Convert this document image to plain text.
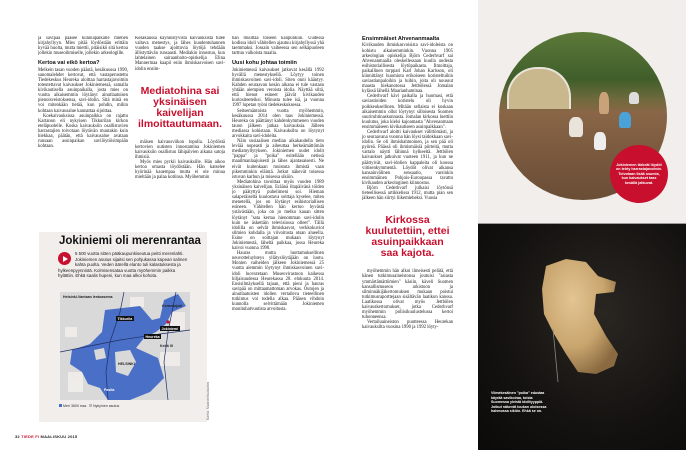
ja savipää pääsee kunniapaikalle miehen kirjahyllyyn. Mies pitää löydöstään erittäin hyvää huolta, mutta miettii, pitäisikö sitä kertoa jollekin museoihmiselle, jollekin arkeologille.

Kertoa vai eikö kertoa?

Melkein tasan vuoden päästä, kesäkuussa 1990, sanomalehdet kertovat, että vastaperustettu Tiedekeskus Heureka aloittaa harrastajavoimin toteutettavat kaivaukset Jokiniemessä, samalla kivikautisella asuinpaikalla, josta mies on vuotta aikaisemmin löytänyt ainutlaatuisen pienoisveistoksensa, savi-idolin. Sitä minä en voi mitenkään tietää, kun pohdin, mihin kohtaan kaivausalue kannattaa sijoittaa.

Koekaivauksissa asuinpaikka on rajattu Kartanon eli nykyisen Tikkurilan kirkon eteläpuolelle. Koska kaivauksiin osallistuvien harrastajien toivotaan löytävän muutakin kuin hiekkaa, päätän, että kaivausalue avataan runsaan asuinpaikan savilöytöisimpään kohtaan.

Kesäkaussa käynnistyvistä kaivauksista tulee valtava menestys, ja lähes kuudentuhannen vuoden taakse ajoittuvia löytöjä tehdään ällistyttävän runsaasti. Mediakin innostuu, kun lahtelainen sairaanhoito-opiskelija Elina Mannermaa kaapii esiin ihmiskasvoisen savi-idolin ensim-

Mediatohina sai yksinäisen kaivelijan ilmoittautumaan.

mäisen kaivausviikon lopulla. Löydöstä kertovien uutisten innostamina Jokiniemen kaivauksiin osallistuu lähipäivien aikana satoja ihmisiä.

Myös mies pyrkii kaivauksille. Hän aikoo kertoa omasta löydöstään. Hän katselee hyörinää kauempaa mutta ei ole minua mieltään ja palaa kotiinsa. Myöhemmin

hän muuttaa toiseen kaupunkiin. Uudessa kodissa idoli vähitellen ajautuu kirjahyllyssä yhä taemmaksi. Jossain vaiheessa sen selkäpuoleen tarttuu valkoista maalia.

Uusi kohu johtaa toimiin

Jokiniemessä kaivaukset jatkuvat kesällä 1992 hyvällä menestyksellä. Löytyy toinen ihmiskasvoinen savi-idoli. Siten onni kääntyy. Kahden seuraavan kesän aikana ei tule vastaan yhtään aiempien veroista idolia. Näyttää siltä, että hienot esineet jäävät kivikauden kuriositeeteiksi. Minusta tulee isä, ja vuonna 1997 lopetan työni tiedekeskuksessa.

Seitsemäntoista vuotta myöhemmin, kesäkuussa 2014 olen taas Jokiniemessä. Heureka on päättänyt kahdenkymmenen vuoden tauon jälkeen jatkaa kaivauksia. Jälleen mediassa kohistaan. Kaivauksilta on löytynyt arvokkaita savi-idoleita.

Näin sosiaalisen median aikakaudella tieto leviää nopeasti ja aiheuttaa herkeämättömän mediamyllytyksen. Jokiniemen uudet idolit "pappa" ja "poika" esitellään netissä maailmanlaajuisesti ja lähes ajantasaisesti. Ne eivät kuitenkaan muistuta ihmistä vaan pikemminkin eläintä. Jotkut näkevät toisessa istuvan karhun ja toisessa sikiön.

Mediatohina tavoittaa myös vuoden 1989 yksinäisen kaivelijan. Eräänä iltapäivänä töiden jo päätyttyä puhelimeni soi. Hieman salaperäiseltä kuulostava soittaja kyselee, miten menetellä, jos on löytänyt esihistoriallisen esineen. Vähitellen hän kertoo hyvästä ystävästään, joka on jo melko kauan sitten löytänyt "sata kertaa hienomman savi-idolin kuin ne äskettäin televisiossa olleet". Tällä idolilla on selvät ihmiskasvot, verkkokuviot silmien kohdalla ja viivoitusta otsan alueella. Esine on soittajan mukaan löytynyt Jokiniemestä, läheltä paikkaa, jossa Heureka kaivoi vuonna 1990.

Hauras mutta luottamuksellinen neuvotteluyhteys yllätyslöytäjään on luotu. Monien vaiheiden jälkeen Jokiniemessä 25 vuotta aiemmin löytynyt ihmiskasvoinen savi-idoli luovutetaan Museovirastoon kaikessa hiljaisuudessa Heurekassa 28. elokuuta 2014. Ensisilmäyksellä tajuan, että pieni ja hauras savipää on mittaamattoman arvokas. Outojen ja ainutlaatuisten idolien vertaileva tieteellinen tutkimus voi todella alkaa. Pääsen vihdoin kunnolla selvittämään Jokiniemen monituhatvuotista arvoitusta.

Ensimmäiset Ahvenanmaalta

Kivikauden ihmiskasvoisista savi-idoleista on kohistu aikaisemminkin. Vuonna 1905 arkeologian opiskelija Björn Cederhvarf sai Ahvenanmaalla oleskellessaan kuulla uudesta esihistoriallisesta löytöpaikasta. Ilmoittaja, paikallinen torppari Karl Johan Karlsson, oli kiinnittänyt huomiota erikoiseen koristeltuihin saviastianpaloihin ja luihin, joita oli noussut maasta hiekanotossa Jettbölessä Jomalan kylässä lähellä Maarianhaminaa.

Cederhvarf kävi paikalla ja huomasi, että saviastioiden koristelu oli hyvin poikkeuksellinen. Mitään sellaista ei koskaan aikaisemmin ollut löytynyt silloisesta Suomen suuriruhtinaskunnasta. Jomalan kirkossa luettiin kuulutus, joka kielsi kajoamasta "Ahvenanmaan ensimmäiseen kivikautiseen asuinpaikkaan".

Cederhvarf aloitti kaivaukset välittömästi, ja jo seuraavana vuonna hän löysi taidokkaan savi-idolin. Se oli ihmishahmoinen, ja sen pää oli pyöreä. Päässä oli ihmismäisiä piirteitä, mutta vartalo näytti lähinnä hylkeeltä. Jettbölen kaivaukset jatkuivat vuoteen 1911, ja kun ne päättyivät, savi-idolien kappaleita oli koossa viitisenkymmentä. Löydöt olivat aikansa kansainvälinen sensaatio, varsinkin ensimmäinen Pohjois-Euroopassa tavattu kivikauden arkeologinen kiinnostus.

Björn Cederhvarf julkaisi löytönsä tieteellisessä artikkelissa 1912, mutta pian sen jälkeen hän siirtyi liikemieheksi. Vuosia

Kirkossa kuulutettiin, ettei asuinpaikkaan saa kajota.

myöhemmin hän alkoi ilmeisesti pelätä, että hänen tutkimusaineistonsa joutuisi "asiasta ymmärtämättömien" käsiin, käveli Suomen kansallismuseon arkistoon ja silminnäkijäkertomuksen mukaan poistui tutkimusraporttejaan sisältävän laatikon kanssa. Laatikossa olivat myös Jettbölen kaivauskertomukset, jotka Cederhvarf myöhemmin poliisikuulustelussa kertoi tuhonneensa.

Vertailuaineiston puutteessa Heurekan kaivauksilta vuosina 1990 ja 1992 löyty-

Jokiniemi oli merenrantaa
5 500 vuotta sitten pääkaupunkiseutua peitti merenlahti. Jokiniemen asutus sijaitsi sen pohjukassa kapean salmen kahta puolta. Veden äärellä elanto tuli kalastuksesta ja hylkeenpyynnistä. Kolmisensataa vuotta myöhemmin paikka hylättiin. Ehkä saalis hupeni, kun maa alkoi kohota.
Helsinki-Vantaan lentoasema
Keravanjoki
Tikkurila
Jokiniemi
Heureka
Kehä III
HELSINKI
Pasila
Meri 3600 eaa. Nykyinen asutus	Kartta: Maanmittauslaitos
32 TIEDE FI MAALISKUU 2015
Jokiniemen tärkeät löydöt on tehty harrastajavoimin. Toivotaan lisää osumia, kun kaivaukset taas kesällä jatkuvat.
Viimekesäinen "poika" edustaa käyrää savikoiraa, toista Suomessa yleistä idolityyppiä. Jotkut näkevät toukan oloisessa hahmossa sikiön. Ehkä se on.
